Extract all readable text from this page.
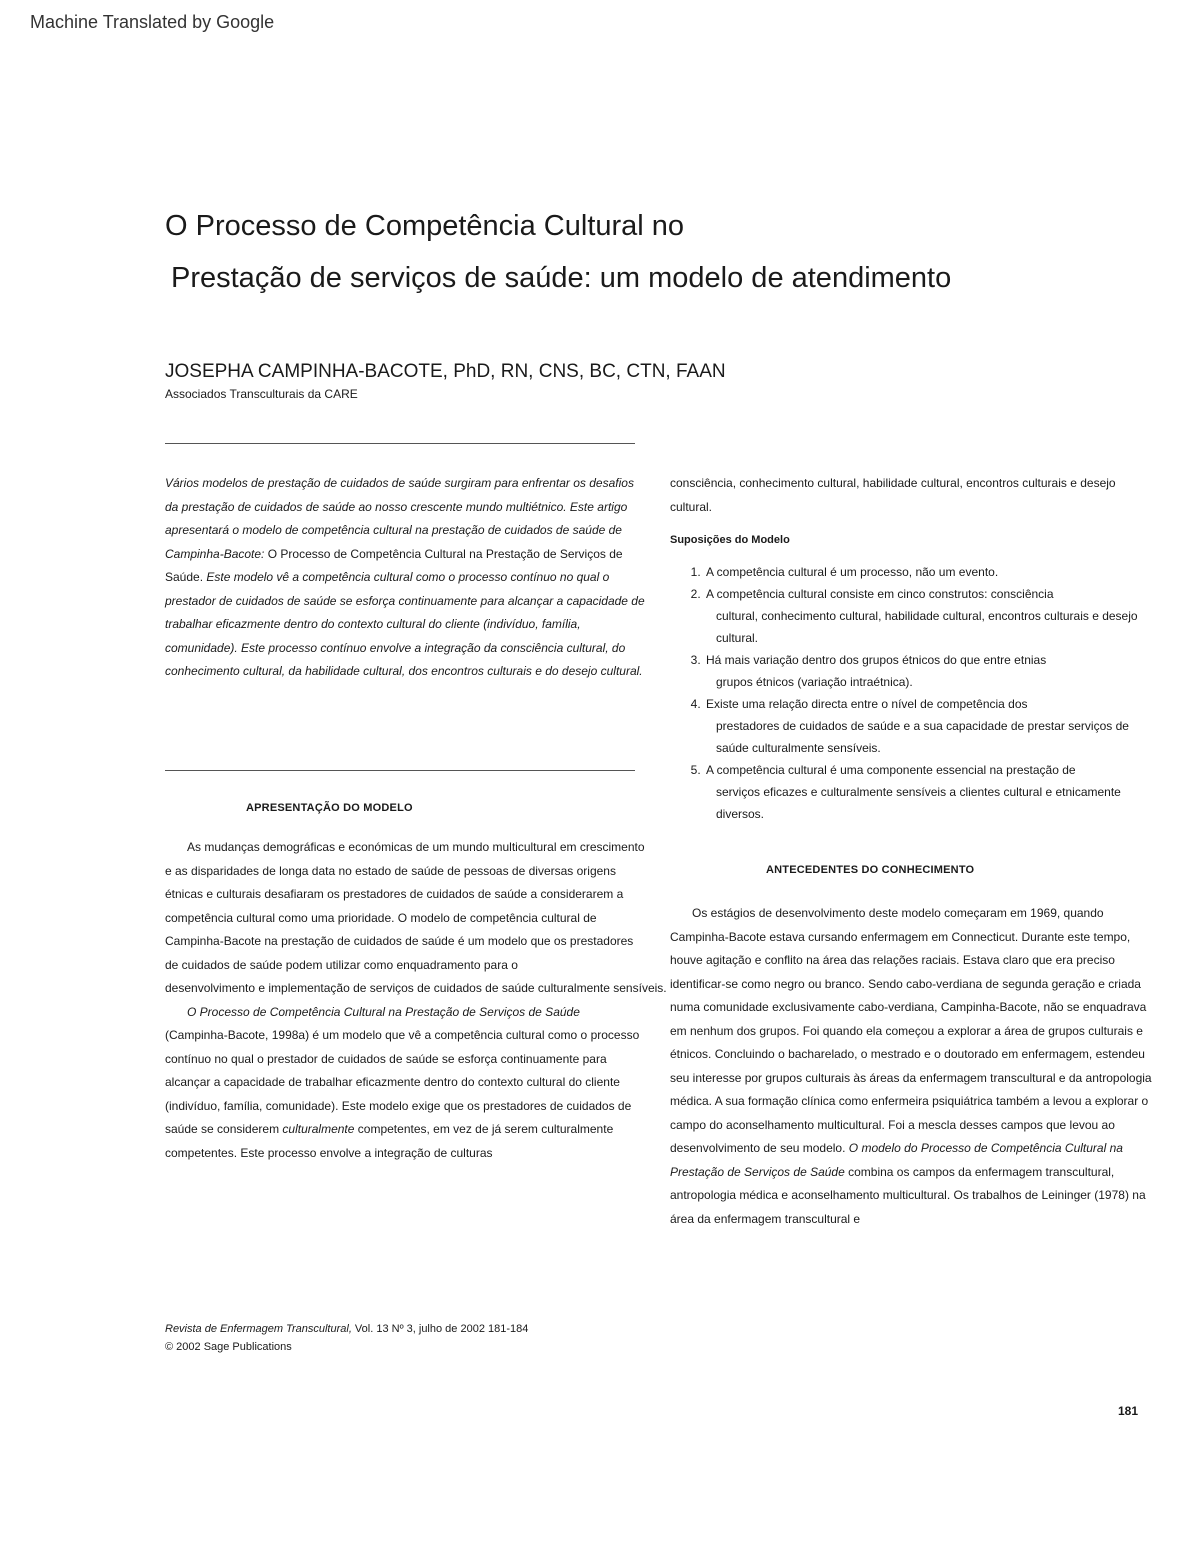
Machine Translated by Google
O Processo de Competência Cultural no
Prestação de serviços de saúde: um modelo de atendimento
JOSEPHA CAMPINHA-BACOTE, PhD, RN, CNS, BC, CTN, FAAN
Associados Transculturais da CARE

Vários modelos de prestação de cuidados de saúde surgiram para enfrentar os desafios da prestação de cuidados de saúde ao nosso crescente mundo multiétnico. Este artigo apresentará o modelo de competência cultural na prestação de cuidados de saúde de Campinha-Bacote: O Processo de Competência Cultural na Prestação de Serviços de Saúde. Este modelo vê a competência cultural como o processo contínuo no qual o prestador de cuidados de saúde se esforça continuamente para alcançar a capacidade de trabalhar eficazmente dentro do contexto cultural do cliente (indivíduo, família, comunidade). Este processo contínuo envolve a integração da consciência cultural, do conhecimento cultural, da habilidade cultural, dos encontros culturais e do desejo cultural.

APRESENTAÇÃO DO MODELO

As mudanças demográficas e económicas de um mundo multicultural em crescimento e as disparidades de longa data no estado de saúde de pessoas de diversas origens étnicas e culturais desafiaram os prestadores de cuidados de saúde a considerarem a competência cultural como uma prioridade. O modelo de competência cultural de Campinha-Bacote na prestação de cuidados de saúde é um modelo que os prestadores de cuidados de saúde podem utilizar como enquadramento para o
desenvolvimento e implementação de serviços de cuidados de saúde culturalmente sensíveis.

O Processo de Competência Cultural na Prestação de Serviços de Saúde (Campinha-Bacote, 1998a) é um modelo que vê a competência cultural como o processo contínuo no qual o prestador de cuidados de saúde se esforça continuamente para alcançar a capacidade de trabalhar eficazmente dentro do contexto cultural do cliente (indivíduo, família, comunidade). Este modelo exige que os prestadores de cuidados de saúde se considerem culturalmente competentes, em vez de já serem culturalmente competentes. Este processo envolve a integração de culturas

consciência, conhecimento cultural, habilidade cultural, encontros culturais e desejo cultural.

Suposições do Modelo

1. A competência cultural é um processo, não um evento.
2. A competência cultural consiste em cinco construtos: consciência
cultural, conhecimento cultural, habilidade cultural, encontros culturais e desejo cultural.
3. Há mais variação dentro dos grupos étnicos do que entre etnias
grupos étnicos (variação intraétnica).
4. Existe uma relação directa entre o nível de competência dos
prestadores de cuidados de saúde e a sua capacidade de prestar serviços de saúde culturalmente sensíveis.
5. A competência cultural é uma componente essencial na prestação de
serviços eficazes e culturalmente sensíveis a clientes cultural e etnicamente diversos.
ANTECEDENTES DO CONHECIMENTO

Os estágios de desenvolvimento deste modelo começaram em 1969, quando Campinha-Bacote estava cursando enfermagem em Connecticut. Durante este tempo, houve agitação e conflito na área das relações raciais. Estava claro que era preciso identificar-se como negro ou branco. Sendo cabo-verdiana de segunda geração e criada numa comunidade exclusivamente cabo-verdiana, Campinha-Bacote, não se enquadrava em nenhum dos grupos. Foi quando ela começou a explorar a área de grupos culturais e étnicos. Concluindo o bacharelado, o mestrado e o doutorado em enfermagem, estendeu seu interesse por grupos culturais às áreas da enfermagem transcultural e da antropologia médica. A sua formação clínica como enfermeira psiquiátrica também a levou a explorar o campo do aconselhamento multicultural. Foi a mescla desses campos que levou ao desenvolvimento de seu modelo. O modelo do Processo de Competência Cultural na Prestação de Serviços de Saúde combina os campos da enfermagem transcultural, antropologia médica e aconselhamento multicultural. Os trabalhos de Leininger (1978) na área da enfermagem transcultural e

Revista de Enfermagem Transcultural, Vol. 13 Nº 3, julho de 2002 181-184
© 2002 Sage Publications
181
